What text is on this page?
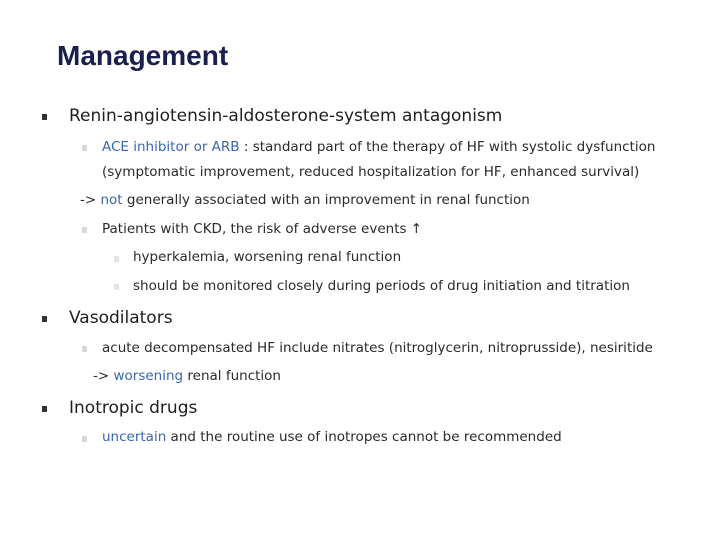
Management
Renin-angiotensin-aldosterone-system antagonism
ACE inhibitor or ARB : standard part of the therapy of HF with systolic dysfunction
(symptomatic improvement, reduced hospitalization for HF, enhanced survival)
-> not generally associated with an improvement in renal function
Patients with CKD, the risk of adverse events ↑
hyperkalemia, worsening renal function
should be monitored closely during periods of drug initiation and titration
Vasodilators
acute decompensated HF include nitrates (nitroglycerin, nitroprusside), nesiritide
-> worsening renal function
Inotropic drugs
uncertain and the routine use of inotropes cannot be recommended
